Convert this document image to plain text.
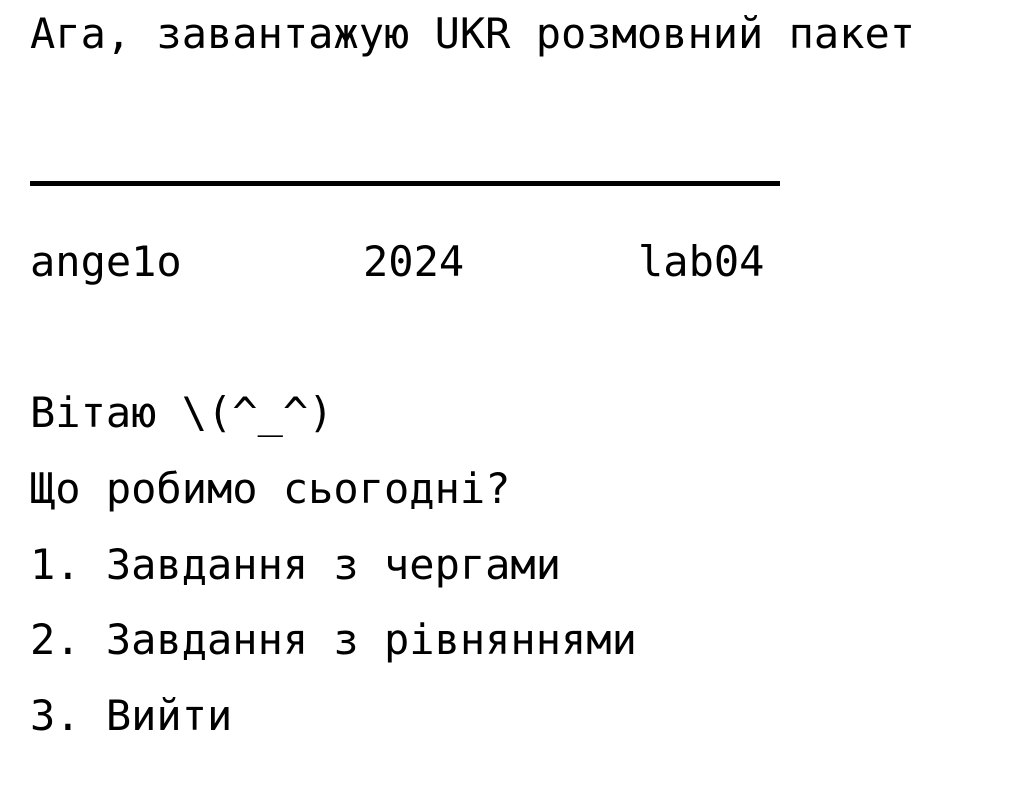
Ага, завантажую UKR розмовний пакет

ange1o

	2024

	lab04

Вітаю \(^_^)
Що робимо сьогодні?
1. Завдання з чергами
2. Завдання з рівняннями
3. Вийти
